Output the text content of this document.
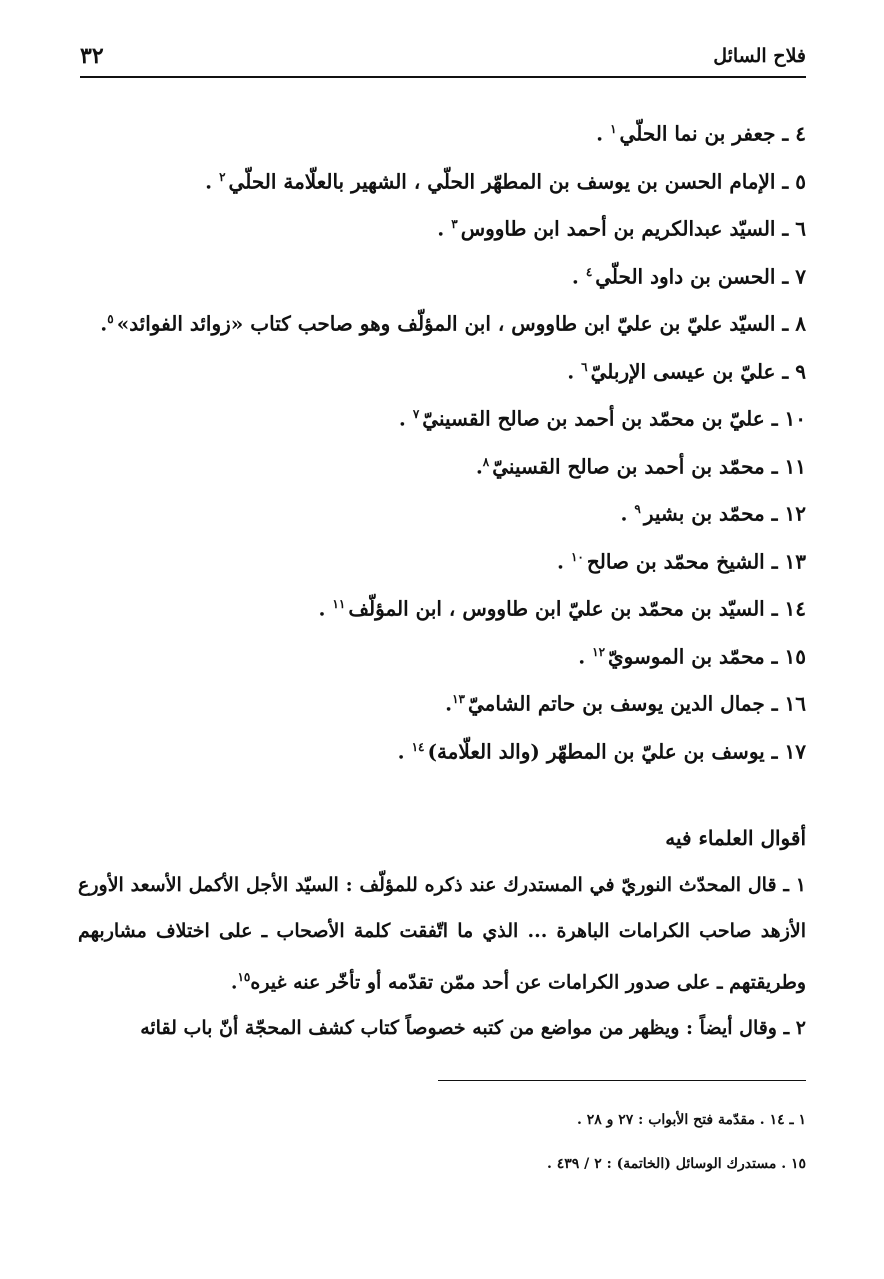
٣٢	فلاح السائل
٤ ـ جعفر بن نما الحلّي$^١$ .
٥ ـ الإمام الحسن بن يوسف بن المطهّر الحلّي ، الشهير بالعلّامة الحلّي$^٢$ .
٦ ـ السيّد عبدالكريم بن أحمد ابن طاووس$^٣$ .
٧ ـ الحسن بن داود الحلّي$^٤$ .
٨ ـ السيّد عليّ بن عليّ ابن طاووس ، ابن المؤلّف وهو صاحب كتاب «زوائد الفوائد»$^٥$.
٩ ـ عليّ بن عيسى الإربليّ$^٦$ .
١٠ ـ عليّ بن محمّد بن أحمد بن صالح القسينيّ$^٧$ .
١١ ـ محمّد بن أحمد بن صالح القسينيّ$^٨$.
١٢ ـ محمّد بن بشير$^٩$ .
١٣ ـ الشيخ محمّد بن صالح$^{١٠}$ .
١٤ ـ السيّد بن محمّد بن عليّ ابن طاووس ، ابن المؤلّف$^{١١}$ .
١٥ ـ محمّد بن الموسويّ$^{١٢}$ .
١٦ ـ جمال الدين يوسف بن حاتم الشاميّ$^{١٣}$.
١٧ ـ يوسف بن عليّ بن المطهّر (والد العلّامة)$^{١٤}$ .
أقوال العلماء فيه

١ ـ قال المحدّث النوريّ في المستدرك عند ذكره للمؤلّف : السيّد الأجل الأكمل الأسعد الأورع الأزهد صاحب الكرامات الباهرة ... الذي ما اتّفقت كلمة الأصحاب ـ على اختلاف مشاربهم وطريقتهم ـ على صدور الكرامات عن أحد ممّن تقدّمه أو تأخّر عنه غيره$^{١٥}$.

٢ ـ وقال أيضاً : ويظهر من مواضع من كتبه خصوصاً كتاب كشف المحجّة أنّ باب لقائه

١ ـ ١٤ . مقدّمة فتح الأبواب : ٢٧ و ٢٨ .
١٥ . مستدرك الوسائل (الخاتمة) : ٢ / ٤٣٩ .
